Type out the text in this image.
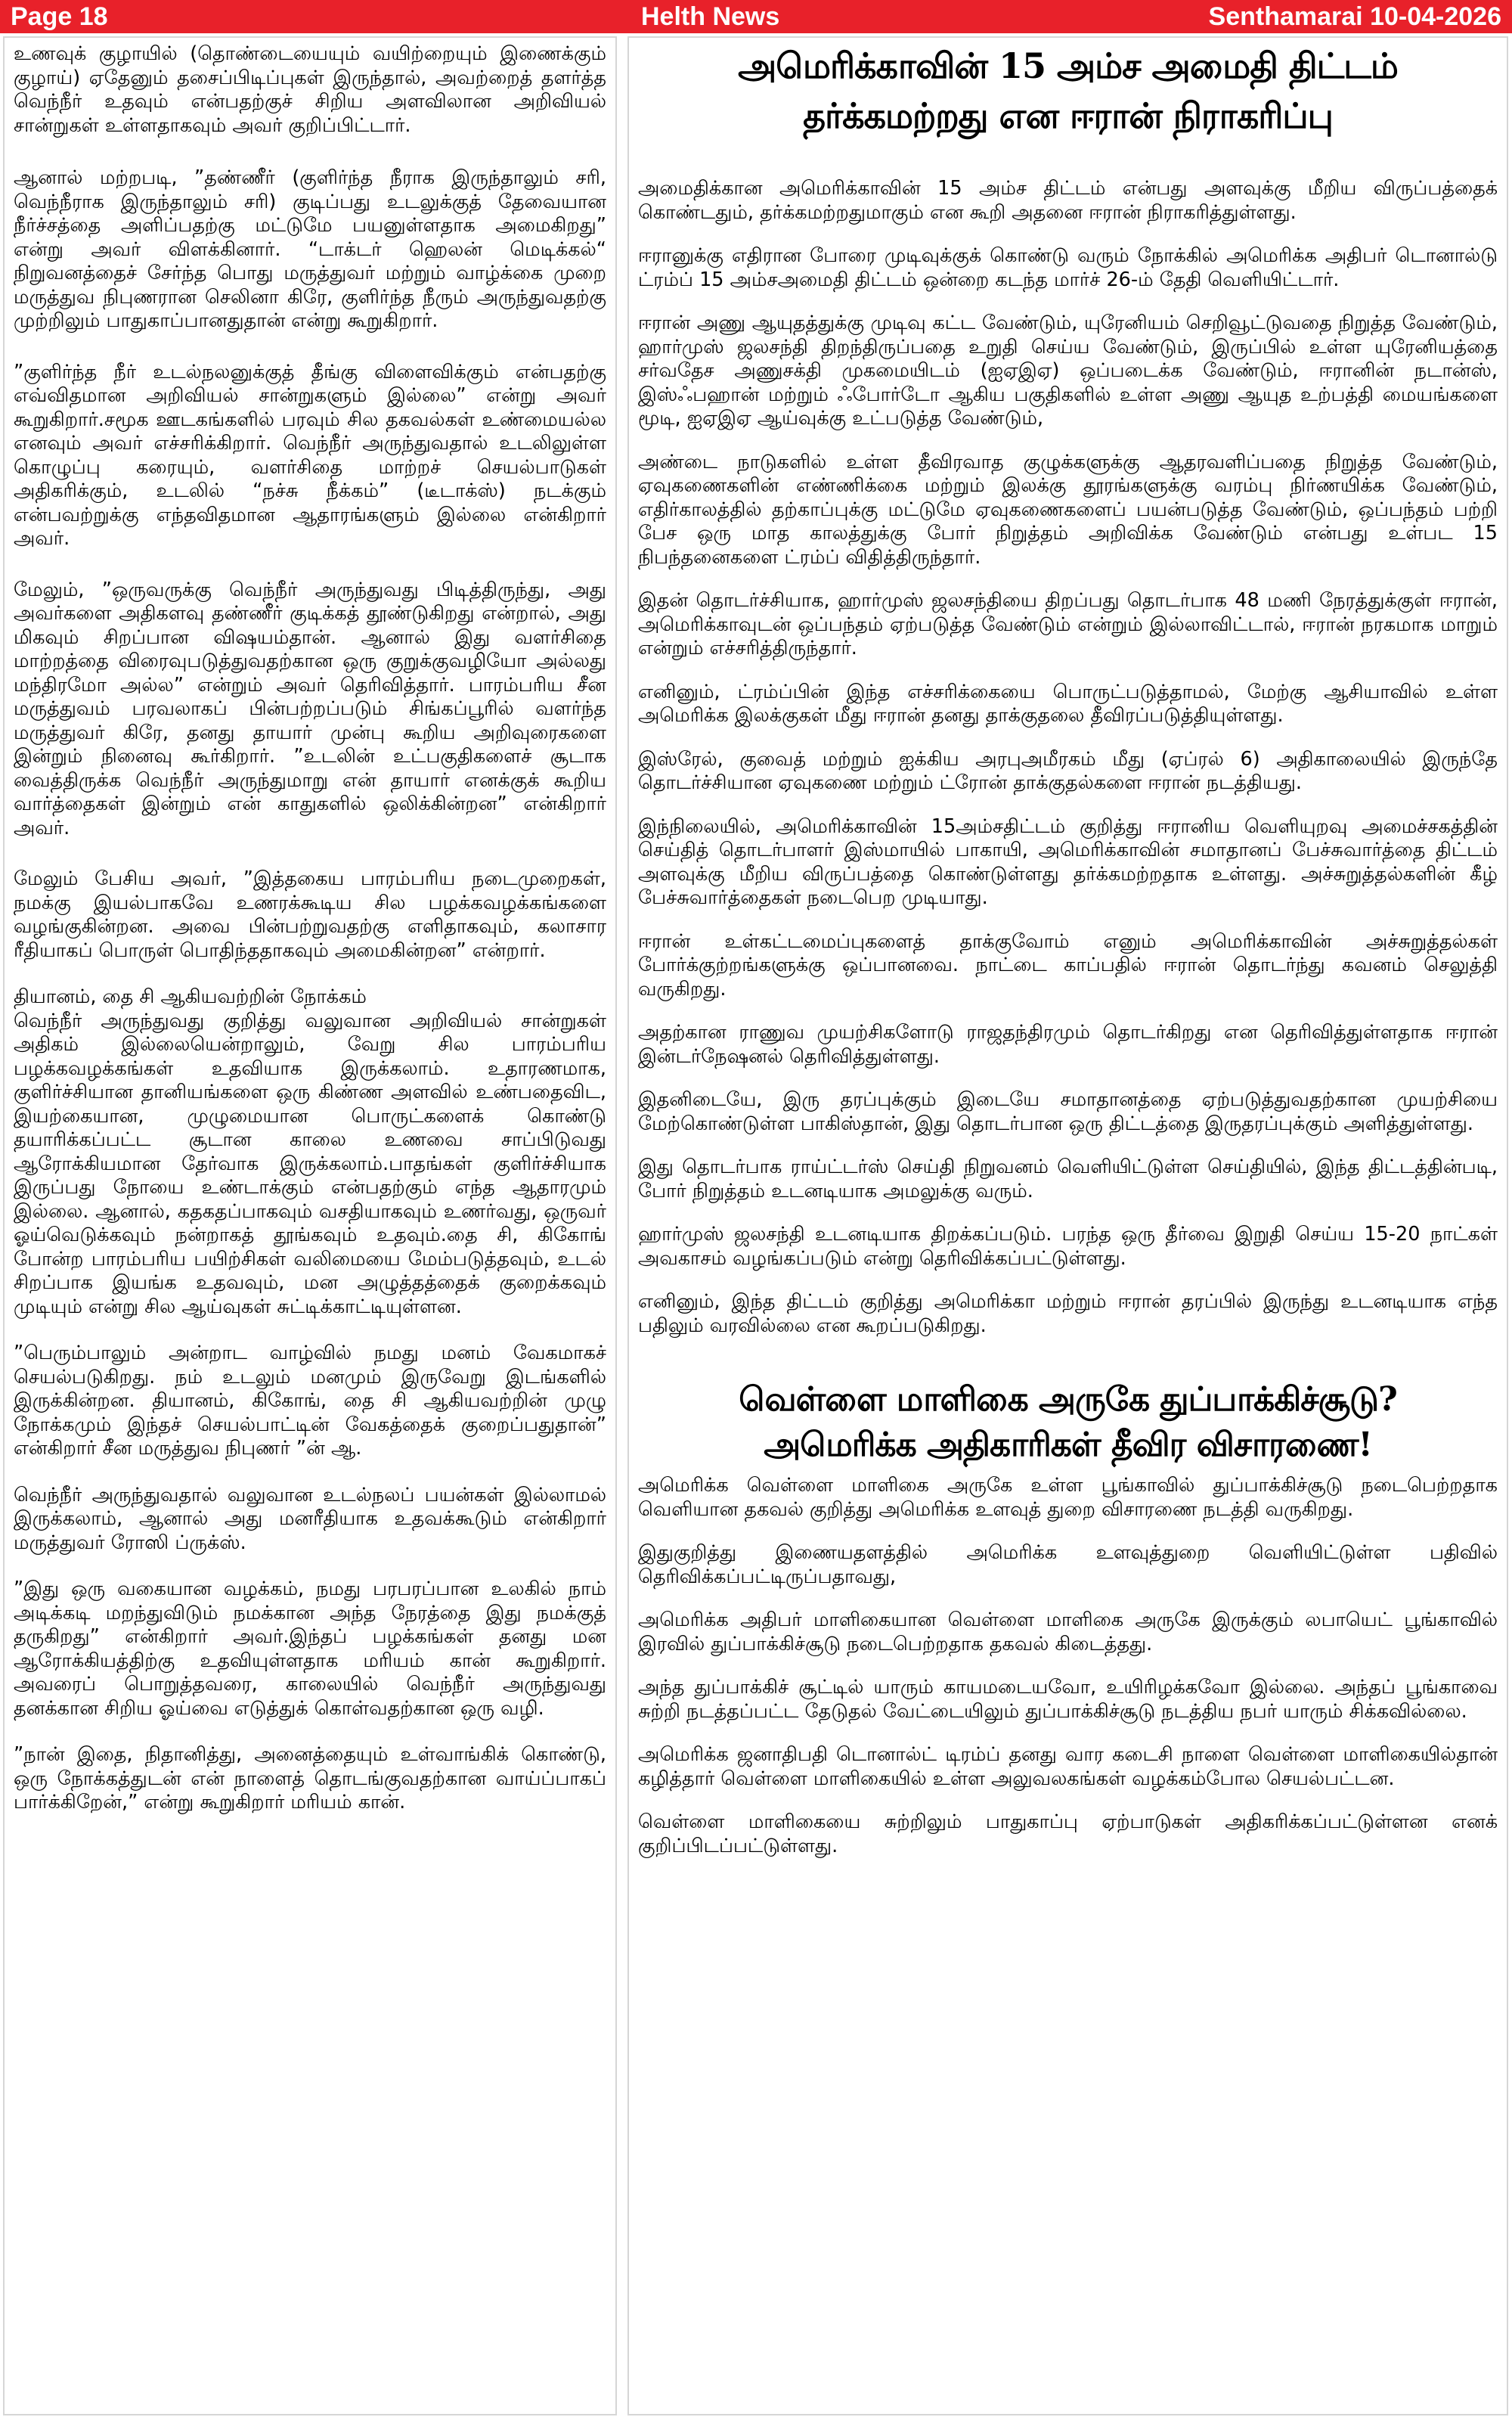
Page 18	Helth News	Senthamarai 10-04-2026

உணவுக் குழாயில் (தொண்டையையும் வயிற்றையும் இணைக்கும் குழாய்) ஏதேனும் தசைப்பிடிப்புகள் இருந்தால், அவற்றைத் தளர்த்த வெந்நீர் உதவும் என்பதற்குச் சிறிய அளவிலான அறிவியல் சான்றுகள் உள்ளதாகவும் அவர் குறிப்பிட்டார்.

ஆனால் மற்றபடி, ”தண்ணீர் (குளிர்ந்த நீராக இருந்தாலும் சரி, வெந்நீராக இருந்தாலும் சரி) குடிப்பது உடலுக்குத் தேவையான நீர்ச்சத்தை அளிப்பதற்கு மட்டுமே பயனுள்ளதாக அமைகிறது” என்று அவர் விளக்கினார். “டாக்டர் ஹெலன் மெடிக்கல்“ நிறுவனத்தைச் சேர்ந்த பொது மருத்துவர் மற்றும் வாழ்க்கை முறை மருத்துவ நிபுணரான செலினா கிரே, குளிர்ந்த நீரும் அருந்துவதற்கு முற்றிலும் பாதுகாப்பானதுதான் என்று கூறுகிறார்.

”குளிர்ந்த நீர் உடல்நலனுக்குத் தீங்கு விளைவிக்கும் என்பதற்கு எவ்விதமான அறிவியல் சான்றுகளும் இல்லை” என்று அவர் கூறுகிறார்.சமூக ஊடகங்களில் பரவும் சில தகவல்கள் உண்மையல்ல எனவும் அவர் எச்சரிக்கிறார். வெந்நீர் அருந்துவதால் உடலிலுள்ள கொழுப்பு கரையும், வளர்சிதை மாற்றச் செயல்பாடுகள் அதிகரிக்கும், உடலில் “நச்சு நீக்கம்” (டீடாக்ஸ்) நடக்கும் என்பவற்றுக்கு எந்தவிதமான ஆதாரங்களும் இல்லை என்கிறார் அவர்.

மேலும், ”ஒருவருக்கு வெந்நீர் அருந்துவது பிடித்திருந்து, அது அவர்களை அதிகளவு தண்ணீர் குடிக்கத் தூண்டுகிறது என்றால், அது மிகவும் சிறப்பான விஷயம்தான். ஆனால் இது வளர்சிதை மாற்றத்தை விரைவுபடுத்துவதற்கான ஒரு குறுக்குவழியோ அல்லது மந்திரமோ அல்ல” என்றும் அவர் தெரிவித்தார். பாரம்பரிய சீன மருத்துவம் பரவலாகப் பின்பற்றப்படும் சிங்கப்பூரில் வளர்ந்த மருத்துவர் கிரே, தனது தாயார் முன்பு கூறிய அறிவுரைகளை இன்றும் நினைவு கூர்கிறார். ”உடலின் உட்பகுதிகளைச் சூடாக வைத்திருக்க வெந்நீர் அருந்துமாறு என் தாயார் எனக்குக் கூறிய வார்த்தைகள் இன்றும் என் காதுகளில் ஒலிக்கின்றன” என்கிறார் அவர்.

மேலும் பேசிய அவர், ”இத்தகைய பாரம்பரிய நடைமுறைகள், நமக்கு இயல்பாகவே உணரக்கூடிய சில பழக்கவழக்கங்களை வழங்குகின்றன. அவை பின்பற்றுவதற்கு எளிதாகவும், கலாசார ரீதியாகப் பொருள் பொதிந்ததாகவும் அமைகின்றன” என்றார்.

தியானம், தை சி ஆகியவற்றின் நோக்கம்

வெந்நீர் அருந்துவது குறித்து வலுவான அறிவியல் சான்றுகள் அதிகம் இல்லையென்றாலும், வேறு சில பாரம்பரிய பழக்கவழக்கங்கள் உதவியாக இருக்கலாம். உதாரணமாக, குளிர்ச்சியான தானியங்களை ஒரு கிண்ண அளவில் உண்பதைவிட, இயற்கையான, முழுமையான பொருட்களைக் கொண்டு தயாரிக்கப்பட்ட சூடான காலை உணவை சாப்பிடுவது ஆரோக்கியமான தேர்வாக இருக்கலாம்.பாதங்கள் குளிர்ச்சியாக இருப்பது நோயை உண்டாக்கும் என்பதற்கும் எந்த ஆதாரமும் இல்லை. ஆனால், கதகதப்பாகவும் வசதியாகவும் உணர்வது, ஒருவர் ஓய்வெடுக்கவும் நன்றாகத் தூங்கவும் உதவும்.தை சி, கிகோங் போன்ற பாரம்பரிய பயிற்சிகள் வலிமையை மேம்படுத்தவும், உடல் சிறப்பாக இயங்க உதவவும், மன அழுத்தத்தைக் குறைக்கவும் முடியும் என்று சில ஆய்வுகள் சுட்டிக்காட்டியுள்ளன.

”பெரும்பாலும் அன்றாட வாழ்வில் நமது மனம் வேகமாகச் செயல்படுகிறது. நம் உடலும் மனமும் இருவேறு இடங்களில் இருக்கின்றன. தியானம், கிகோங், தை சி ஆகியவற்றின் முழு நோக்கமும் இந்தச் செயல்பாட்டின் வேகத்தைக் குறைப்பதுதான்” என்கிறார் சீன மருத்துவ நிபுணர் ”ன் ஆ.

வெந்நீர் அருந்துவதால் வலுவான உடல்நலப் பயன்கள் இல்லாமல் இருக்கலாம், ஆனால் அது மனரீதியாக உதவக்கூடும் என்கிறார் மருத்துவர் ரோஸி ப்ருக்ஸ்.

”இது ஒரு வகையான வழக்கம், நமது பரபரப்பான உலகில் நாம் அடிக்கடி மறந்துவிடும் நமக்கான அந்த நேரத்தை இது நமக்குத் தருகிறது” என்கிறார் அவர்.இந்தப் பழக்கங்கள் தனது மன ஆரோக்கியத்திற்கு உதவியுள்ளதாக மரியம் கான் கூறுகிறார். அவரைப் பொறுத்தவரை, காலையில் வெந்நீர் அருந்துவது தனக்கான சிறிய ஓய்வை எடுத்துக் கொள்வதற்கான ஒரு வழி.

”நான் இதை, நிதானித்து, அனைத்தையும் உள்வாங்கிக் கொண்டு, ஒரு நோக்கத்துடன் என் நாளைத் தொடங்குவதற்கான வாய்ப்பாகப் பார்க்கிறேன்,” என்று கூறுகிறார் மரியம் கான்.

அமெரிக்காவின் 15 அம்ச அமைதி திட்டம்
தர்க்கமற்றது என ஈரான் நிராகரிப்பு

அமைதிக்கான அமெரிக்காவின் 15 அம்ச திட்டம் என்பது அளவுக்கு மீறிய விருப்பத்தைக் கொண்டதும், தர்க்கமற்றதுமாகும் என கூறி அதனை ஈரான் நிராகரித்துள்ளது.

ஈரானுக்கு எதிரான போரை முடிவுக்குக் கொண்டு வரும் நோக்கில் அமெரிக்க அதிபர் டொனால்டு ட்ரம்ப் 15 அம்சஅமைதி திட்டம் ஒன்றை கடந்த மார்ச் 26-ம் தேதி வெளியிட்டார்.

ஈரான் அணு ஆயுதத்துக்கு முடிவு கட்ட வேண்டும், யுரேனியம் செறிவூட்டுவதை நிறுத்த வேண்டும், ஹார்முஸ் ஜலசந்தி திறந்திருப்பதை உறுதி செய்ய வேண்டும், இருப்பில் உள்ள யுரேனியத்தை சர்வதேச அணுசக்தி முகமையிடம் (ஐஏஇஏ) ஒப்படைக்க வேண்டும், ஈரானின் நடான்ஸ், இஸ்ஃபஹான் மற்றும் ஃபோர்டோ ஆகிய பகுதிகளில் உள்ள அணு ஆயுத உற்பத்தி மையங்களை மூடி, ஐஏஇஏ ஆய்வுக்கு உட்படுத்த வேண்டும்,

அண்டை நாடுகளில் உள்ள தீவிரவாத குழுக்களுக்கு ஆதரவளிப்பதை நிறுத்த வேண்டும், ஏவுகணைகளின் எண்ணிக்கை மற்றும் இலக்கு தூரங்களுக்கு வரம்பு நிர்ணயிக்க வேண்டும், எதிர்காலத்தில் தற்காப்புக்கு மட்டுமே ஏவுகணைகளைப் பயன்படுத்த வேண்டும், ஒப்பந்தம் பற்றி பேச ஒரு மாத காலத்துக்கு போர் நிறுத்தம் அறிவிக்க வேண்டும் என்பது உள்பட 15 நிபந்தனைகளை ட்ரம்ப் விதித்திருந்தார்.

இதன் தொடர்ச்சியாக, ஹார்முஸ் ஜலசந்தியை திறப்பது தொடர்பாக 48 மணி நேரத்துக்குள் ஈரான், அமெரிக்காவுடன் ஒப்பந்தம் ஏற்படுத்த வேண்டும் என்றும் இல்லாவிட்டால், ஈரான் நரகமாக மாறும் என்றும் எச்சரித்திருந்தார்.

எனினும், ட்ரம்ப்பின் இந்த எச்சரிக்கையை பொருட்படுத்தாமல், மேற்கு ஆசியாவில் உள்ள அமெரிக்க இலக்குகள் மீது ஈரான் தனது தாக்குதலை தீவிரப்படுத்தியுள்ளது.

இஸ்ரேல், குவைத் மற்றும் ஐக்கிய அரபுஅமீரகம் மீது (ஏப்ரல் 6) அதிகாலையில் இருந்தே தொடர்ச்சியான ஏவுகணை மற்றும் ட்ரோன் தாக்குதல்களை ஈரான் நடத்தியது.

இந்நிலையில், அமெரிக்காவின் 15அம்சதிட்டம் குறித்து ஈரானிய வெளியுறவு அமைச்சகத்தின் செய்தித் தொடர்பாளர் இஸ்மாயில் பாகாயி, அமெரிக்காவின் சமாதானப் பேச்சுவார்த்தை திட்டம் அளவுக்கு மீறிய விருப்பத்தை கொண்டுள்ளது தர்க்கமற்றதாக உள்ளது. அச்சுறுத்தல்களின் கீழ் பேச்சுவார்த்தைகள் நடைபெற முடியாது.

ஈரான் உள்கட்டமைப்புகளைத் தாக்குவோம் எனும் அமெரிக்காவின் அச்சுறுத்தல்கள் போர்க்குற்றங்களுக்கு ஒப்பானவை. நாட்டை காப்பதில் ஈரான் தொடர்ந்து கவனம் செலுத்தி வருகிறது.

அதற்கான ராணுவ முயற்சிகளோடு ராஜதந்திரமும் தொடர்கிறது என தெரிவித்துள்ளதாக ஈரான் இன்டர்நேஷனல் தெரிவித்துள்ளது.

இதனிடையே, இரு தரப்புக்கும் இடையே சமாதானத்தை ஏற்படுத்துவதற்கான முயற்சியை மேற்கொண்டுள்ள பாகிஸ்தான், இது தொடர்பான ஒரு திட்டத்தை இருதரப்புக்கும் அளித்துள்ளது.

இது தொடர்பாக ராய்ட்டர்ஸ் செய்தி நிறுவனம் வெளியிட்டுள்ள செய்தியில், இந்த திட்டத்தின்படி, போர் நிறுத்தம் உடனடியாக அமலுக்கு வரும்.

ஹார்முஸ் ஜலசந்தி உடனடியாக திறக்கப்படும். பரந்த ஒரு தீர்வை இறுதி செய்ய 15-20 நாட்கள் அவகாசம் வழங்கப்படும் என்று தெரிவிக்கப்பட்டுள்ளது.

எனினும், இந்த திட்டம் குறித்து அமெரிக்கா மற்றும் ஈரான் தரப்பில் இருந்து உடனடியாக எந்த பதிலும் வரவில்லை என கூறப்படுகிறது.

வெள்ளை மாளிகை அருகே துப்பாக்கிச்சூடு?
அமெரிக்க அதிகாரிகள் தீவிர விசாரணை!

அமெரிக்க வெள்ளை மாளிகை அருகே உள்ள பூங்காவில் துப்பாக்கிச்சூடு நடைபெற்றதாக வெளியான தகவல் குறித்து அமெரிக்க உளவுத் துறை விசாரணை நடத்தி வருகிறது.

இதுகுறித்து இணையதளத்தில் அமெரிக்க உளவுத்துறை வெளியிட்டுள்ள பதிவில் தெரிவிக்கப்பட்டிருப்பதாவது,

அமெரிக்க அதிபர் மாளிகையான வெள்ளை மாளிகை அருகே இருக்கும் லபாயெட் பூங்காவில் இரவில் துப்பாக்கிச்சூடு நடைபெற்றதாக தகவல் கிடைத்தது.

அந்த துப்பாக்கிச் சூட்டில் யாரும் காயமடையவோ, உயிரிழக்கவோ இல்லை. அந்தப் பூங்காவை சுற்றி நடத்தப்பட்ட தேடுதல் வேட்டையிலும் துப்பாக்கிச்சூடு நடத்திய நபர் யாரும் சிக்கவில்லை.

அமெரிக்க ஜனாதிபதி டொனால்ட் டிரம்ப் தனது வார கடைசி நாளை வெள்ளை மாளிகையில்தான் கழித்தார் வெள்ளை மாளிகையில் உள்ள அலுவலகங்கள் வழக்கம்போல செயல்பட்டன.

வெள்ளை மாளிகையை சுற்றிலும் பாதுகாப்பு ஏற்பாடுகள் அதிகரிக்கப்பட்டுள்ளன எனக் குறிப்பிடப்பட்டுள்ளது.
